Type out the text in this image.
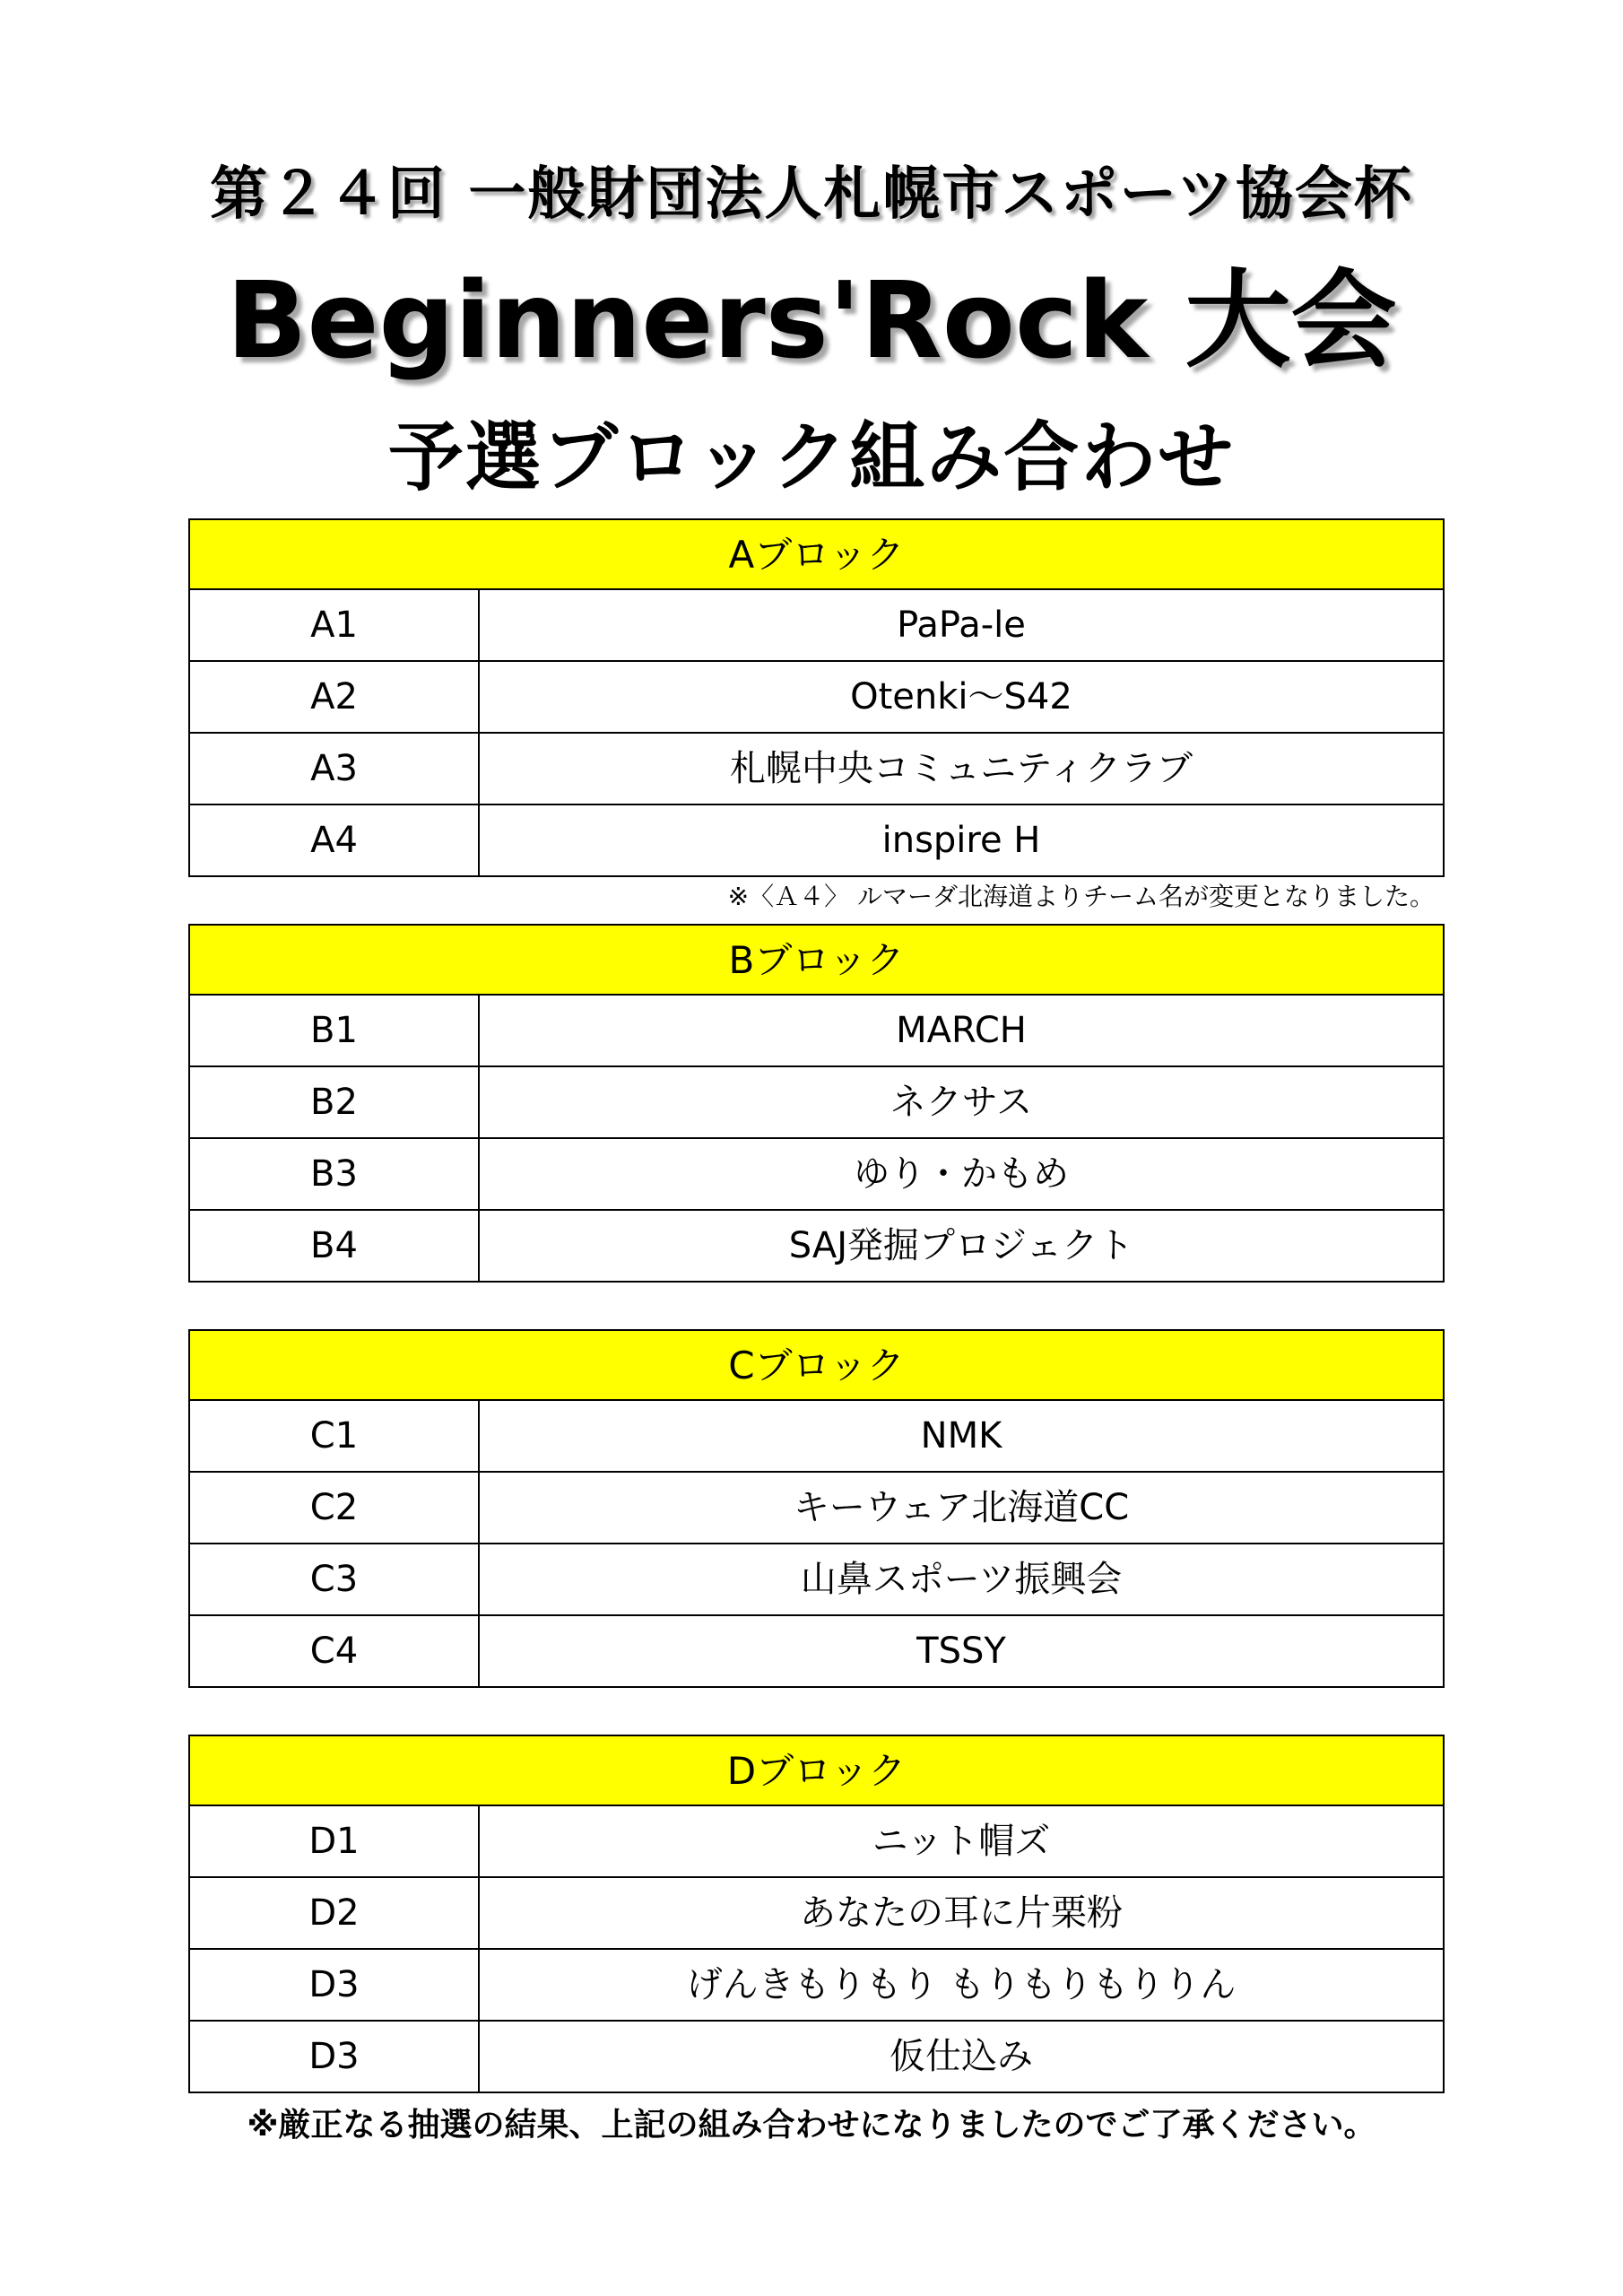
第２４回 一般財団法人札幌市スポーツ協会杯
Beginners'Rock 大会
予選ブロック組み合わせ
Aブロック
A1	PaPa-le
A2	Otenki～S42
A3	札幌中央コミュニティクラブ
A4	inspire H
※〈Ａ４〉 ルマーダ北海道よりチーム名が変更となりました。
Bブロック
B1	MARCH
B2	ネクサス
B3	ゆり・かもめ
B4	SAJ発掘プロジェクト
Cブロック
C1	NMK
C2	キーウェア北海道CC
C3	山鼻スポーツ振興会
C4	TSSY
Dブロック
D1	ニット帽ズ
D2	あなたの耳に片栗粉
D3	げんきもりもり もりもりもりりん
D3	仮仕込み
※厳正なる抽選の結果、上記の組み合わせになりましたのでご了承ください。
